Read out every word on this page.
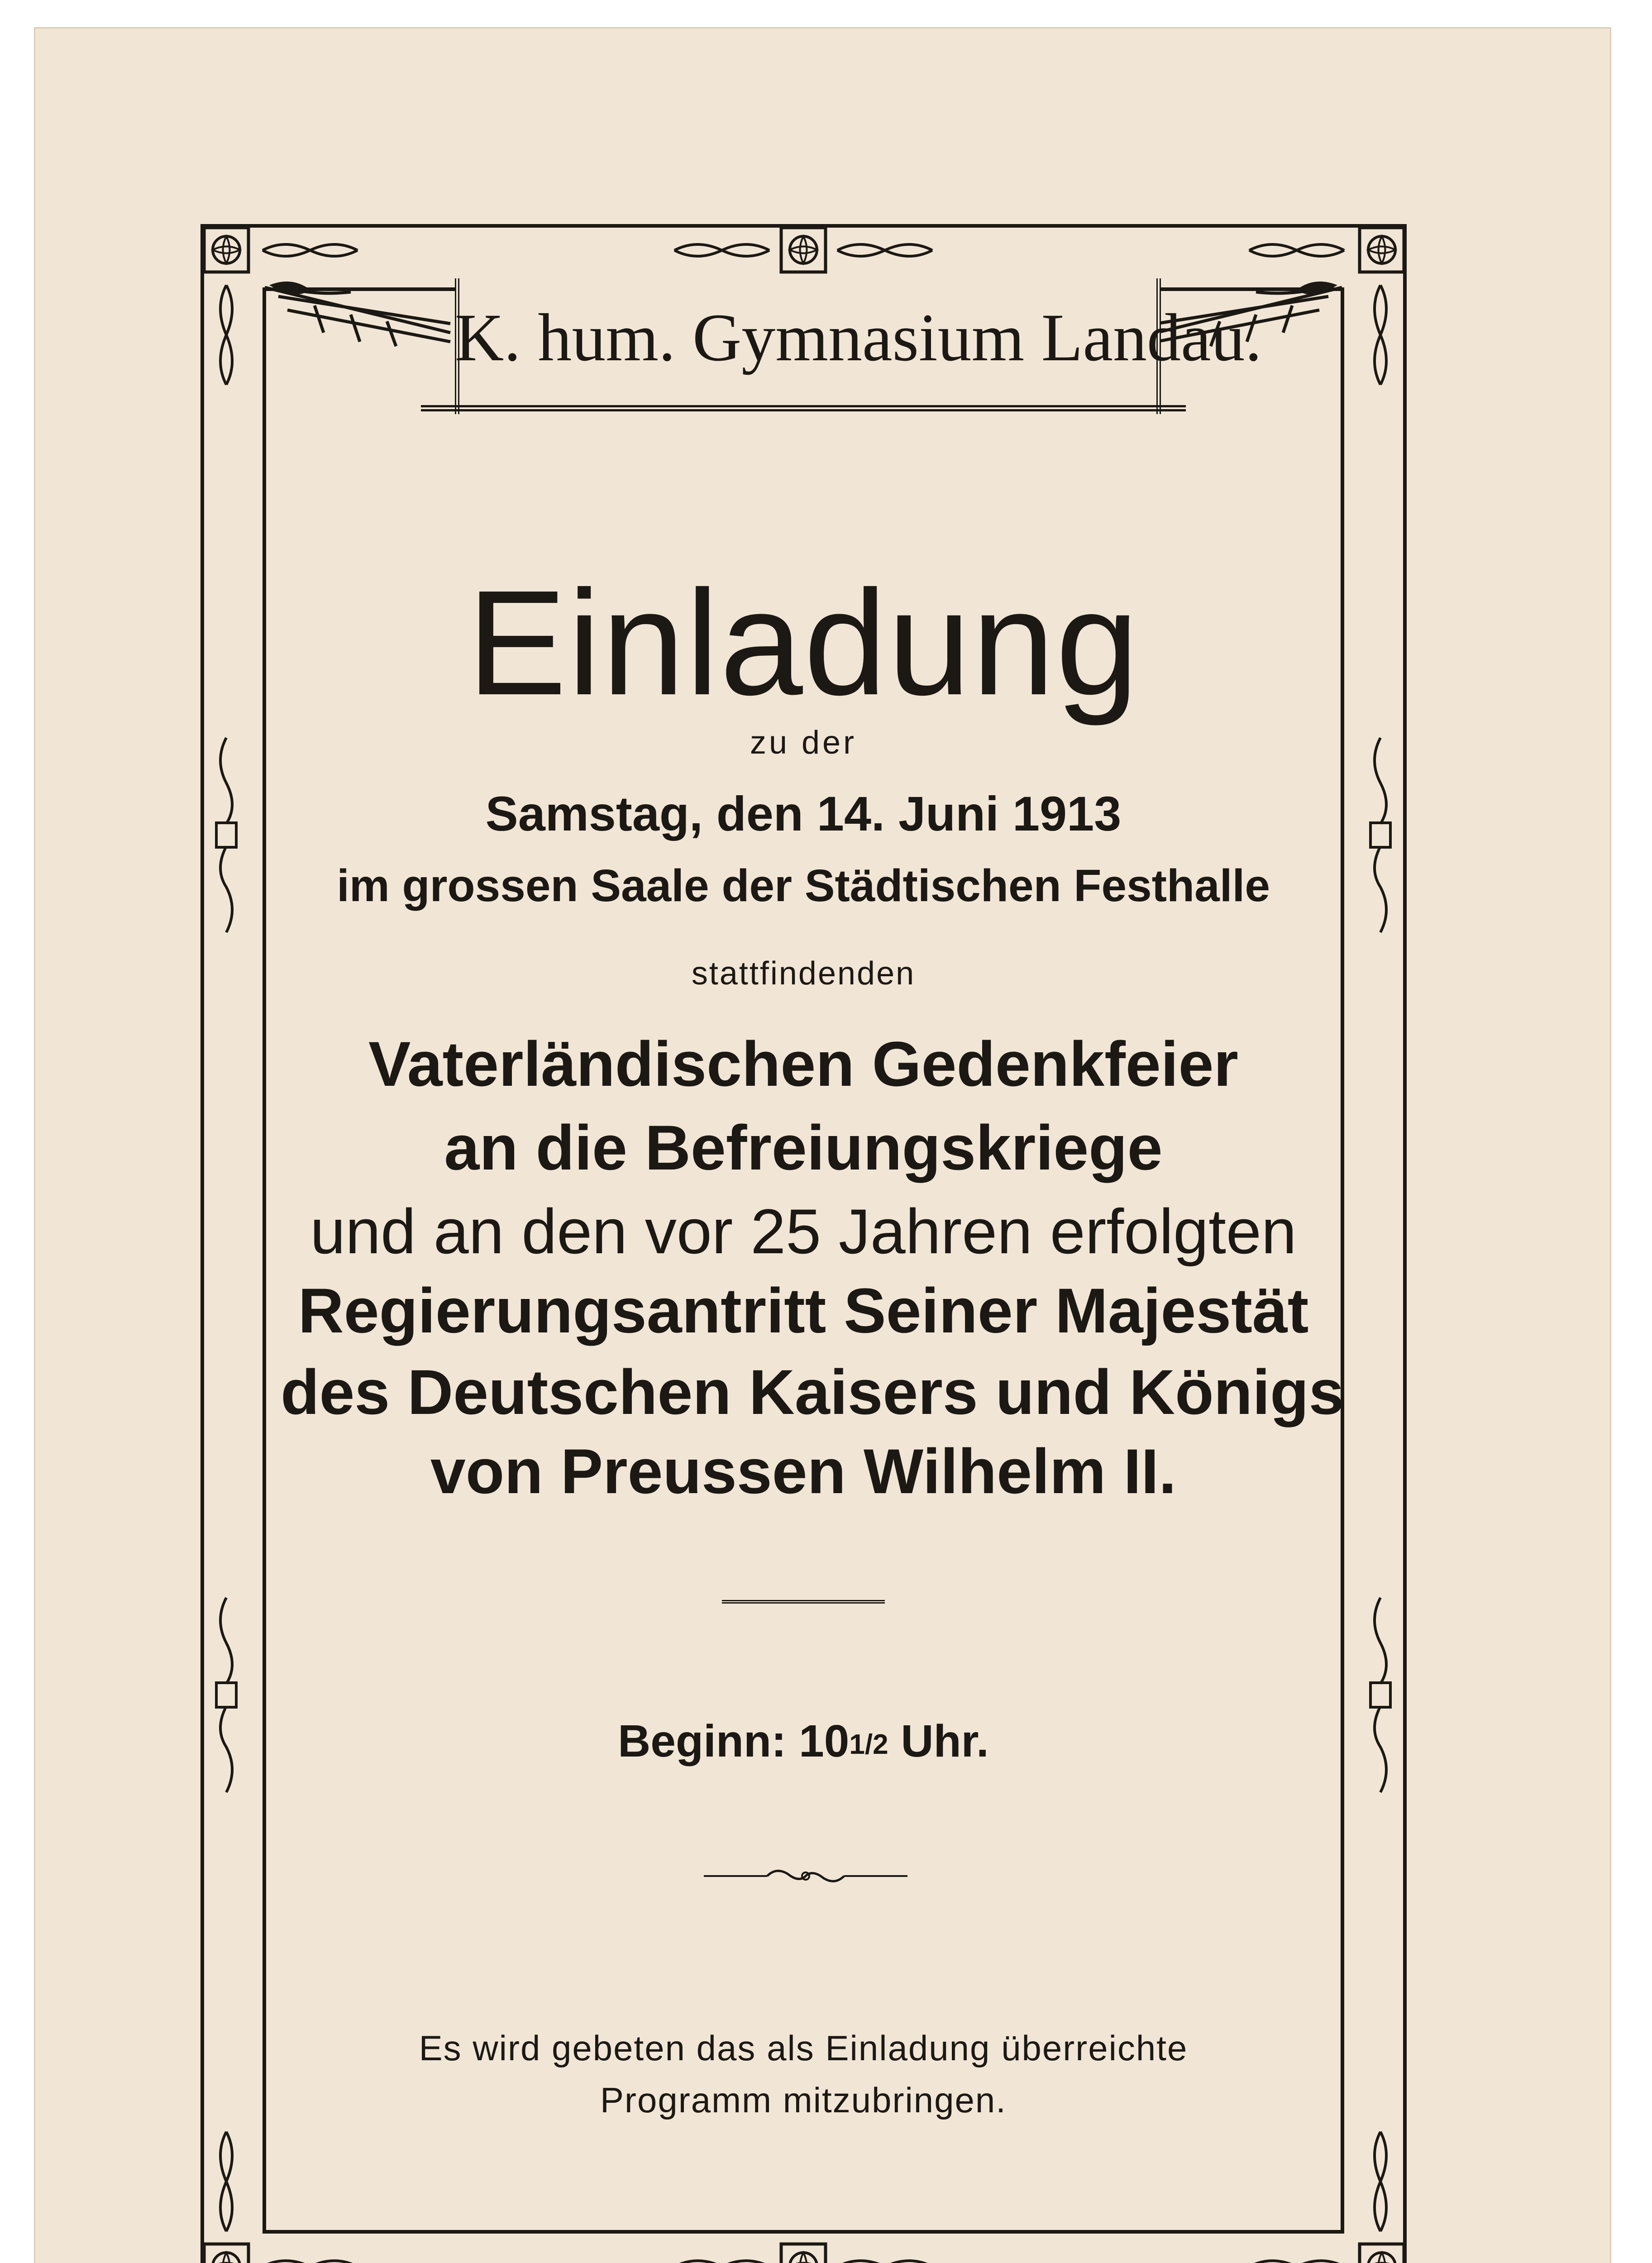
K. hum. Gymnasium Landau.
Einladung
zu der
Samstag, den 14. Juni 1913
im grossen Saale der Städtischen Festhalle
stattfindenden
Vaterländischen Gedenkfeier
an die Befreiungskriege
und an den vor 25 Jahren erfolgten
Regierungsantritt Seiner Majestät
des Deutschen Kaisers und Königs
von Preussen Wilhelm II.
Beginn: 101/2 Uhr.
Es wird gebeten das als Einladung überreichte
Programm mitzubringen.
